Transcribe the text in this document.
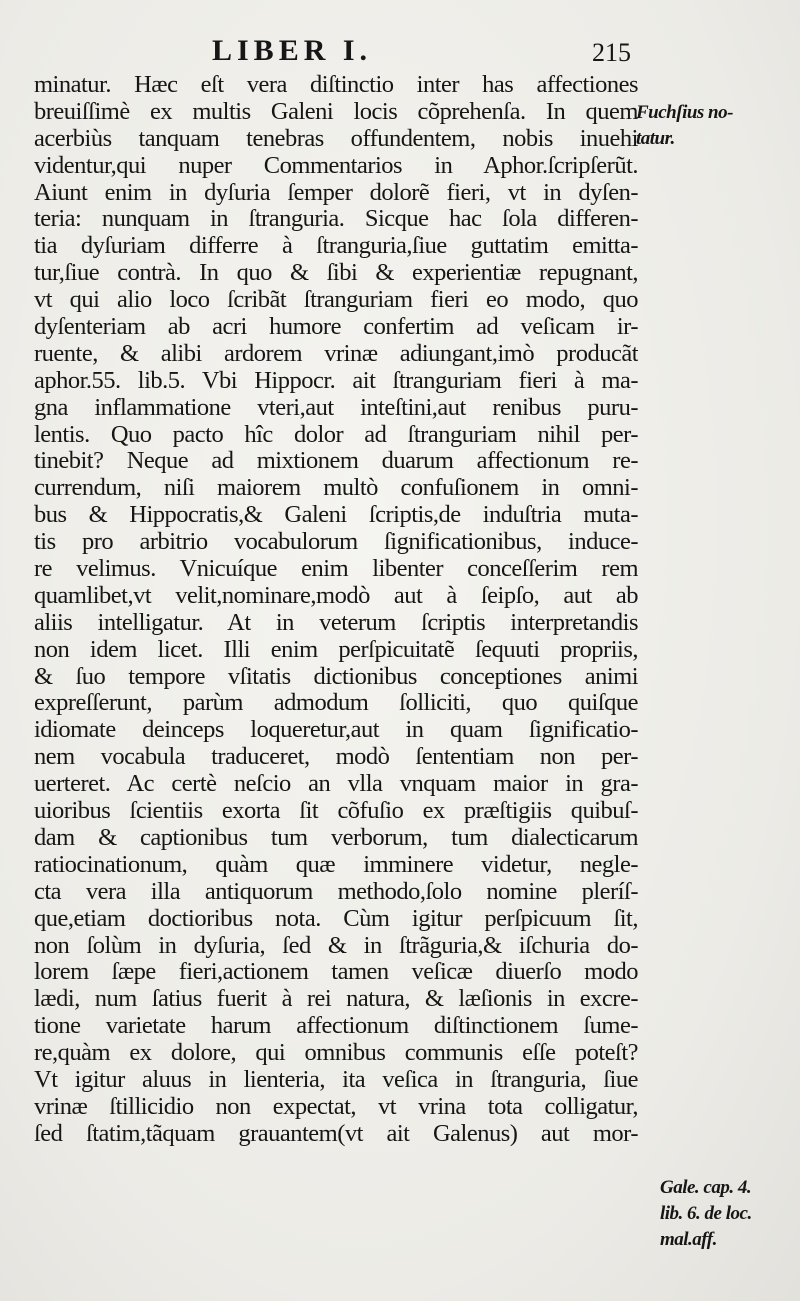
LIBER I.	215
minatur. Hæc eſt vera diſtinctio inter has affectiones
breuiſſimè ex multis Galeni locis cõprehenſa. In quem
acerbiùs tanquam tenebras offundentem, nobis inuehi
videntur,qui nuper Commentarios in Aphor.ſcripſerũt.
Aiunt enim in dyſuria ſemper dolorẽ fieri, vt in dyſen-
teria: nunquam in ſtranguria. Sicque hac ſola differen-
tia dyſuriam differre à ſtranguria,ſiue guttatim emitta-
tur,ſiue contrà. In quo & ſibi & experientiæ repugnant,
vt qui alio loco ſcribãt ſtranguriam fieri eo modo, quo
dyſenteriam ab acri humore confertim ad veſicam ir-
ruente, & alibi ardorem vrinæ adiungant,imò producãt
aphor.55. lib.5. Vbi Hippocr. ait ſtranguriam fieri à ma-
gna inflammatione vteri,aut inteſtini,aut renibus puru-
lentis. Quo pacto hîc dolor ad ſtranguriam nihil per-
tinebit? Neque ad mixtionem duarum affectionum re-
currendum, niſi maiorem multò confuſionem in omni-
bus & Hippocratis,& Galeni ſcriptis,de induſtria muta-
tis pro arbitrio vocabulorum ſignificationibus, induce-
re velimus. Vnicuíque enim libenter conceſſerim rem
quamlibet,vt velit,nominare,modò aut à ſeipſo, aut ab
aliis intelligatur. At in veterum ſcriptis interpretandis
non idem licet. Illi enim perſpicuitatẽ ſequuti propriis,
& ſuo tempore vſitatis dictionibus conceptiones animi
expreſſerunt, parùm admodum ſolliciti, quo quiſque
idiomate deinceps loqueretur,aut in quam ſignificatio-
nem vocabula traduceret, modò ſententiam non per-
uerteret. Ac certè neſcio an vlla vnquam maior in gra-
uioribus ſcientiis exorta ſit cõfuſio ex præſtigiis quibuſ-
dam & captionibus tum verborum, tum dialecticarum
ratiocinationum, quàm quæ imminere videtur, negle-
cta vera illa antiquorum methodo,ſolo nomine pleríſ-
que,etiam doctioribus nota. Cùm igitur perſpicuum ſit,
non ſolùm in dyſuria, ſed & in ſtrãguria,& iſchuria do-
lorem ſæpe fieri,actionem tamen veſicæ diuerſo modo
lædi, num ſatius fuerit à rei natura, & læſionis in excre-
tione varietate harum affectionum diſtinctionem ſume-
re,quàm ex dolore, qui omnibus communis eſſe poteſt?
Vt igitur aluus in lienteria, ita veſica in ſtranguria, ſiue
vrinæ ſtillicidio non expectat, vt vrina tota colligatur,
ſed ſtatim,tãquam grauantem(vt ait Galenus) aut mor-
Fuchſius no-
tatur.
Gale. cap. 4.
lib. 6. de loc.
mal.aff.
